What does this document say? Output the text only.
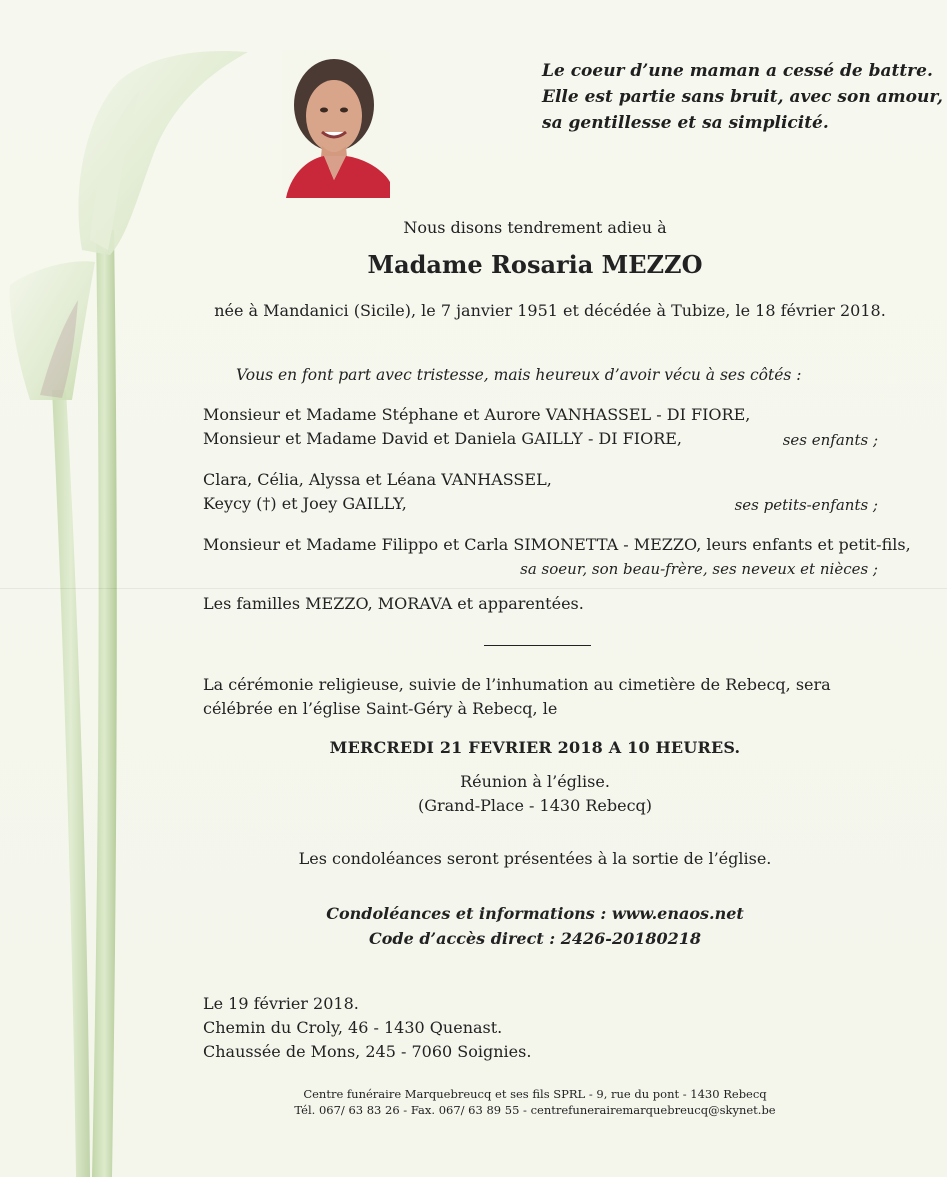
Le coeur d’une maman a cessé de battre.
Elle est partie sans bruit, avec son amour,
sa gentillesse et sa simplicité.

Nous disons tendrement adieu à

Madame Rosaria MEZZO

née à Mandanici (Sicile), le 7 janvier 1951 et décédée à Tubize, le 18 février 2018.

Vous en font part avec tristesse, mais heureux d’avoir vécu à ses côtés :

Monsieur et Madame Stéphane et Aurore VANHASSEL - DI FIORE,

Monsieur et Madame David et Daniela GAILLY - DI FIORE,	ses enfants ;

Clara, Célia, Alyssa et Léana VANHASSEL,

Keycy (†) et Joey GAILLY,	ses petits-enfants ;

Monsieur et Madame Filippo et Carla SIMONETTA - MEZZO, leurs enfants et petit-fils,

sa soeur, son beau-frère, ses neveux et nièces ;

Les familles MEZZO, MORAVA et apparentées.

La cérémonie religieuse, suivie de l’inhumation au cimetière de Rebecq, sera célébrée en l’église Saint-Géry à Rebecq, le

MERCREDI 21 FEVRIER 2018 A 10 HEURES.

Réunion à l’église.

(Grand-Place - 1430 Rebecq)

Les condoléances seront présentées à la sortie de l’église.

Condoléances et informations : www.enaos.net

Code d’accès direct : 2426-20180218

Le 19 février 2018.

Chemin du Croly, 46 - 1430 Quenast.

Chaussée de Mons, 245 - 7060 Soignies.

Centre funéraire Marquebreucq et ses fils SPRL - 9, rue du pont - 1430 Rebecq

Tél. 067/ 63 83 26 - Fax. 067/ 63 89 55 - centrefunerairemarquebreucq@skynet.be
